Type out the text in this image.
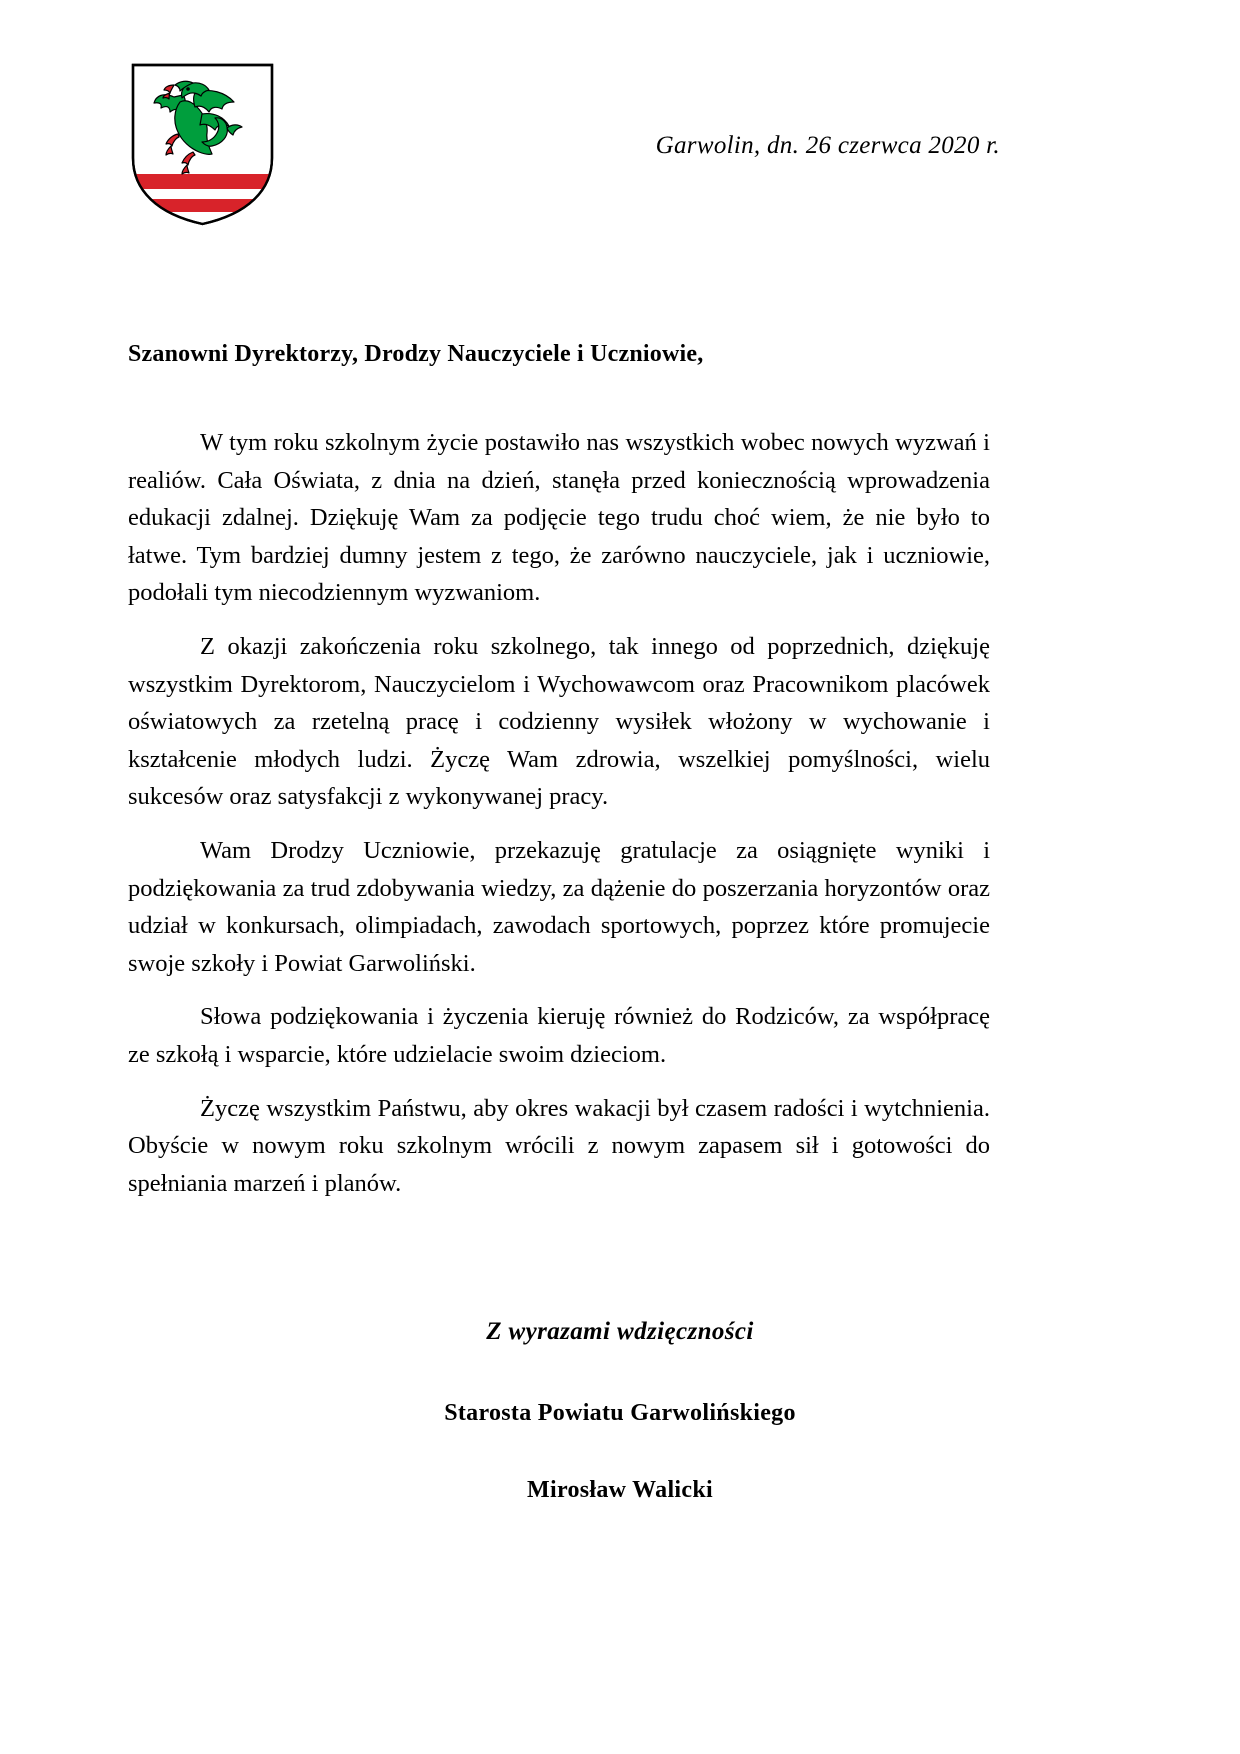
Garwolin, dn. 26 czerwca 2020 r.
Szanowni Dyrektorzy, Drodzy Nauczyciele i Uczniowie,

W tym roku szkolnym życie postawiło nas wszystkich wobec nowych wyzwań i realiów. Cała Oświata, z dnia na dzień, stanęła przed koniecznością wprowadzenia edukacji zdalnej. Dziękuję Wam za podjęcie tego trudu choć wiem, że nie było to łatwe. Tym bardziej dumny jestem z tego, że zarówno nauczyciele, jak i uczniowie, podołali tym niecodziennym wyzwaniom.

Z okazji zakończenia roku szkolnego, tak innego od poprzednich, dziękuję wszystkim Dyrektorom, Nauczycielom i Wychowawcom oraz Pracownikom placówek oświatowych za rzetelną pracę i codzienny wysiłek włożony w wychowanie i kształcenie młodych ludzi. Życzę Wam zdrowia, wszelkiej pomyślności, wielu sukcesów oraz satysfakcji z wykonywanej pracy.

Wam Drodzy Uczniowie, przekazuję gratulacje za osiągnięte wyniki i podziękowania za trud zdobywania wiedzy, za dążenie do poszerzania horyzontów oraz udział w konkursach, olimpiadach, zawodach sportowych, poprzez które promujecie swoje szkoły i Powiat Garwoliński.

Słowa podziękowania i życzenia kieruję również do Rodziców, za współpracę ze szkołą i wsparcie, które udzielacie swoim dzieciom.

Życzę wszystkim Państwu, aby okres wakacji był czasem radości i wytchnienia. Obyście w nowym roku szkolnym wrócili z nowym zapasem sił i gotowości do spełniania marzeń i planów.

Z wyrazami wdzięczności
Starosta Powiatu Garwolińskiego
Mirosław Walicki
